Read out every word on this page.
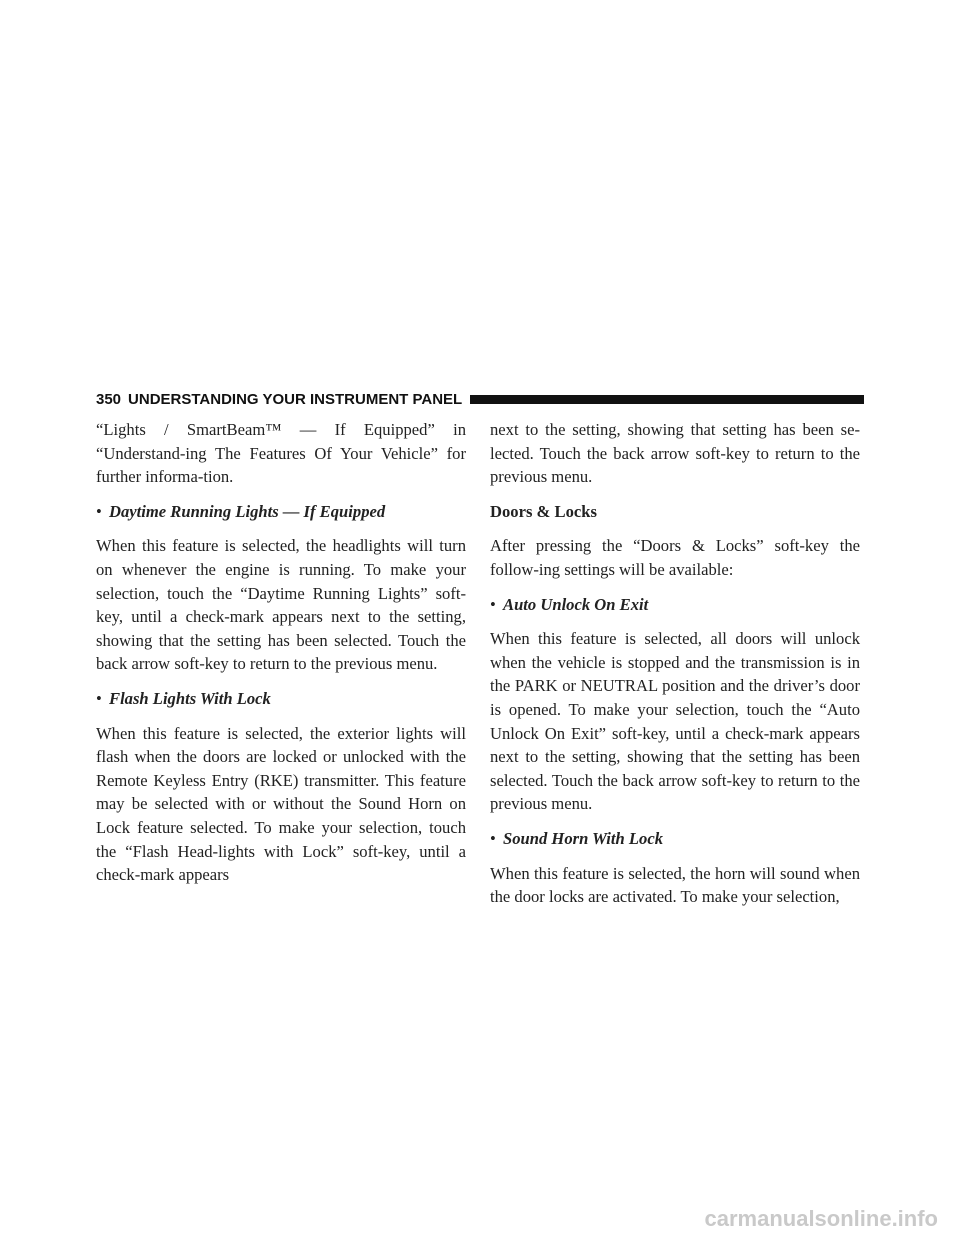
350 UNDERSTANDING YOUR INSTRUMENT PANEL

“Lights / SmartBeam™ — If Equipped” in “Understand-ing The Features Of Your Vehicle” for further informa-tion.

• Daytime Running Lights — If Equipped

When this feature is selected, the headlights will turn on whenever the engine is running. To make your selection, touch the “Daytime Running Lights” soft-key, until a check-mark appears next to the setting, showing that the setting has been selected. Touch the back arrow soft-key to return to the previous menu.

• Flash Lights With Lock

When this feature is selected, the exterior lights will flash when the doors are locked or unlocked with the Remote Keyless Entry (RKE) transmitter. This feature may be selected with or without the Sound Horn on Lock feature selected. To make your selection, touch the “Flash Head-lights with Lock” soft-key, until a check-mark appears

next to the setting, showing that setting has been se-lected. Touch the back arrow soft-key to return to the previous menu.

Doors & Locks

After pressing the “Doors & Locks” soft-key the follow-ing settings will be available:

• Auto Unlock On Exit

When this feature is selected, all doors will unlock when the vehicle is stopped and the transmission is in the PARK or NEUTRAL position and the driver’s door is opened. To make your selection, touch the “Auto Unlock On Exit” soft-key, until a check-mark appears next to the setting, showing that the setting has been selected. Touch the back arrow soft-key to return to the previous menu.

• Sound Horn With Lock

When this feature is selected, the horn will sound when the door locks are activated. To make your selection,

carmanualsonline.info
